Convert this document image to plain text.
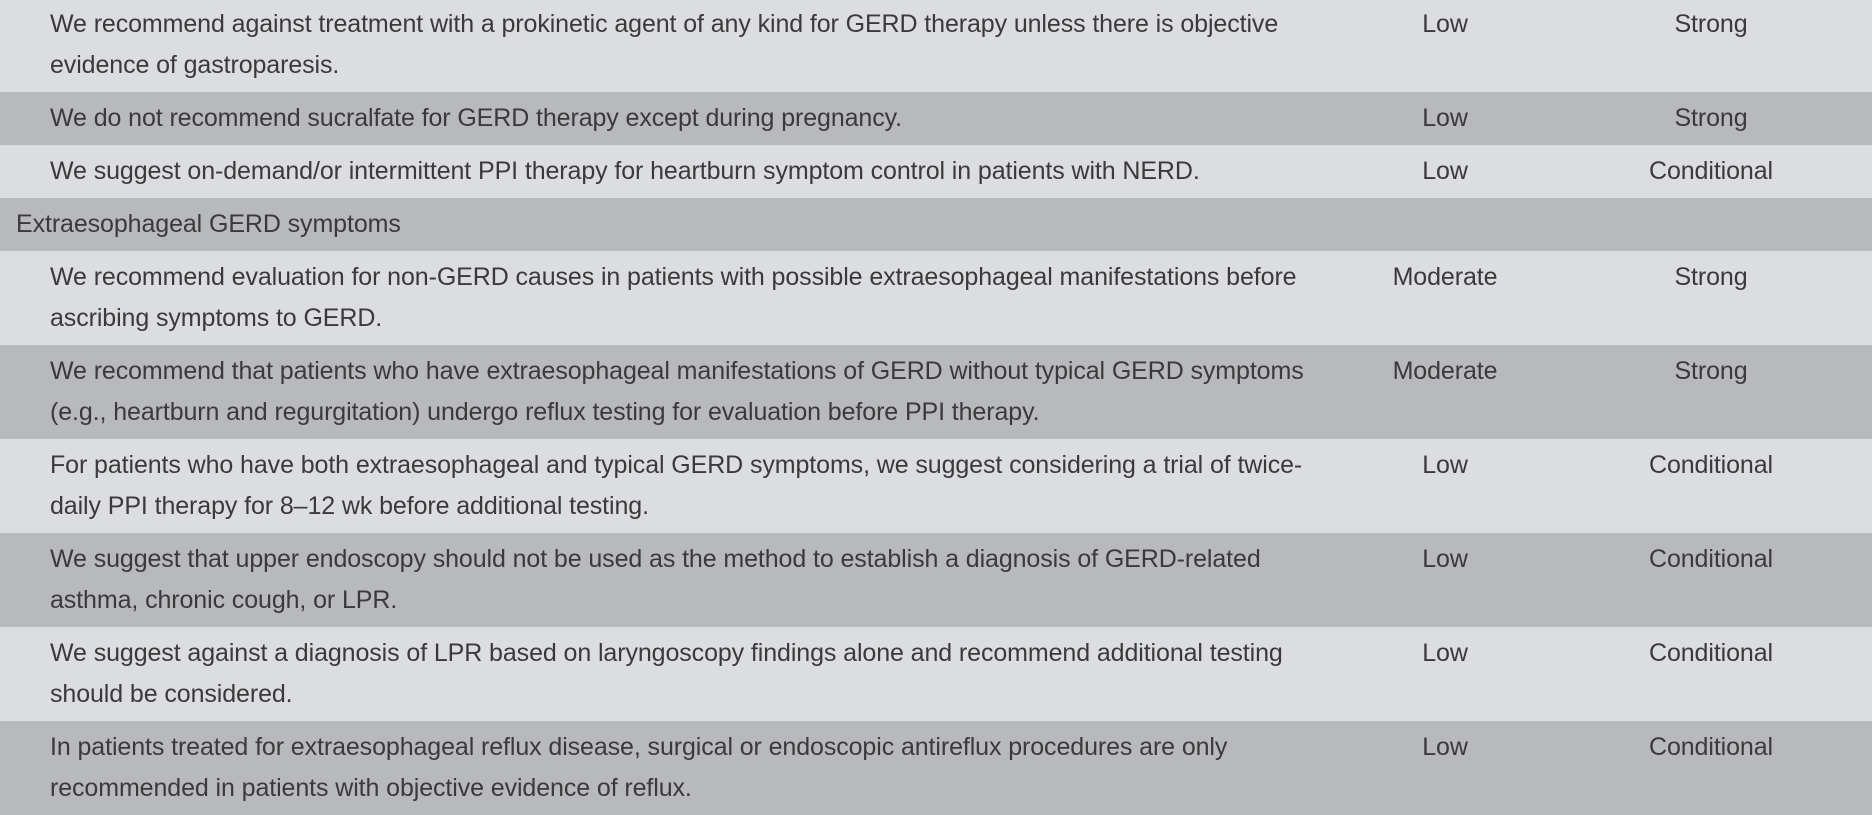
We recommend against treatment with a prokinetic agent of any kind for GERD therapy unless there is objective evidence of gastroparesis.	Low	Strong
We do not recommend sucralfate for GERD therapy except during pregnancy.	Low	Strong
We suggest on-demand/or intermittent PPI therapy for heartburn symptom control in patients with NERD.	Low	Conditional
Extraesophageal GERD symptoms		
We recommend evaluation for non-GERD causes in patients with possible extraesophageal manifestations before ascribing symptoms to GERD.	Moderate	Strong
We recommend that patients who have extraesophageal manifestations of GERD without typical GERD symptoms (e.g., heartburn and regurgitation) undergo reflux testing for evaluation before PPI therapy.	Moderate	Strong
For patients who have both extraesophageal and typical GERD symptoms, we suggest considering a trial of twice-daily PPI therapy for 8–12 wk before additional testing.	Low	Conditional
We suggest that upper endoscopy should not be used as the method to establish a diagnosis of GERD-related asthma, chronic cough, or LPR.	Low	Conditional
We suggest against a diagnosis of LPR based on laryngoscopy findings alone and recommend additional testing should be considered.	Low	Conditional
In patients treated for extraesophageal reflux disease, surgical or endoscopic antireflux procedures are only recommended in patients with objective evidence of reflux.	Low	Conditional
